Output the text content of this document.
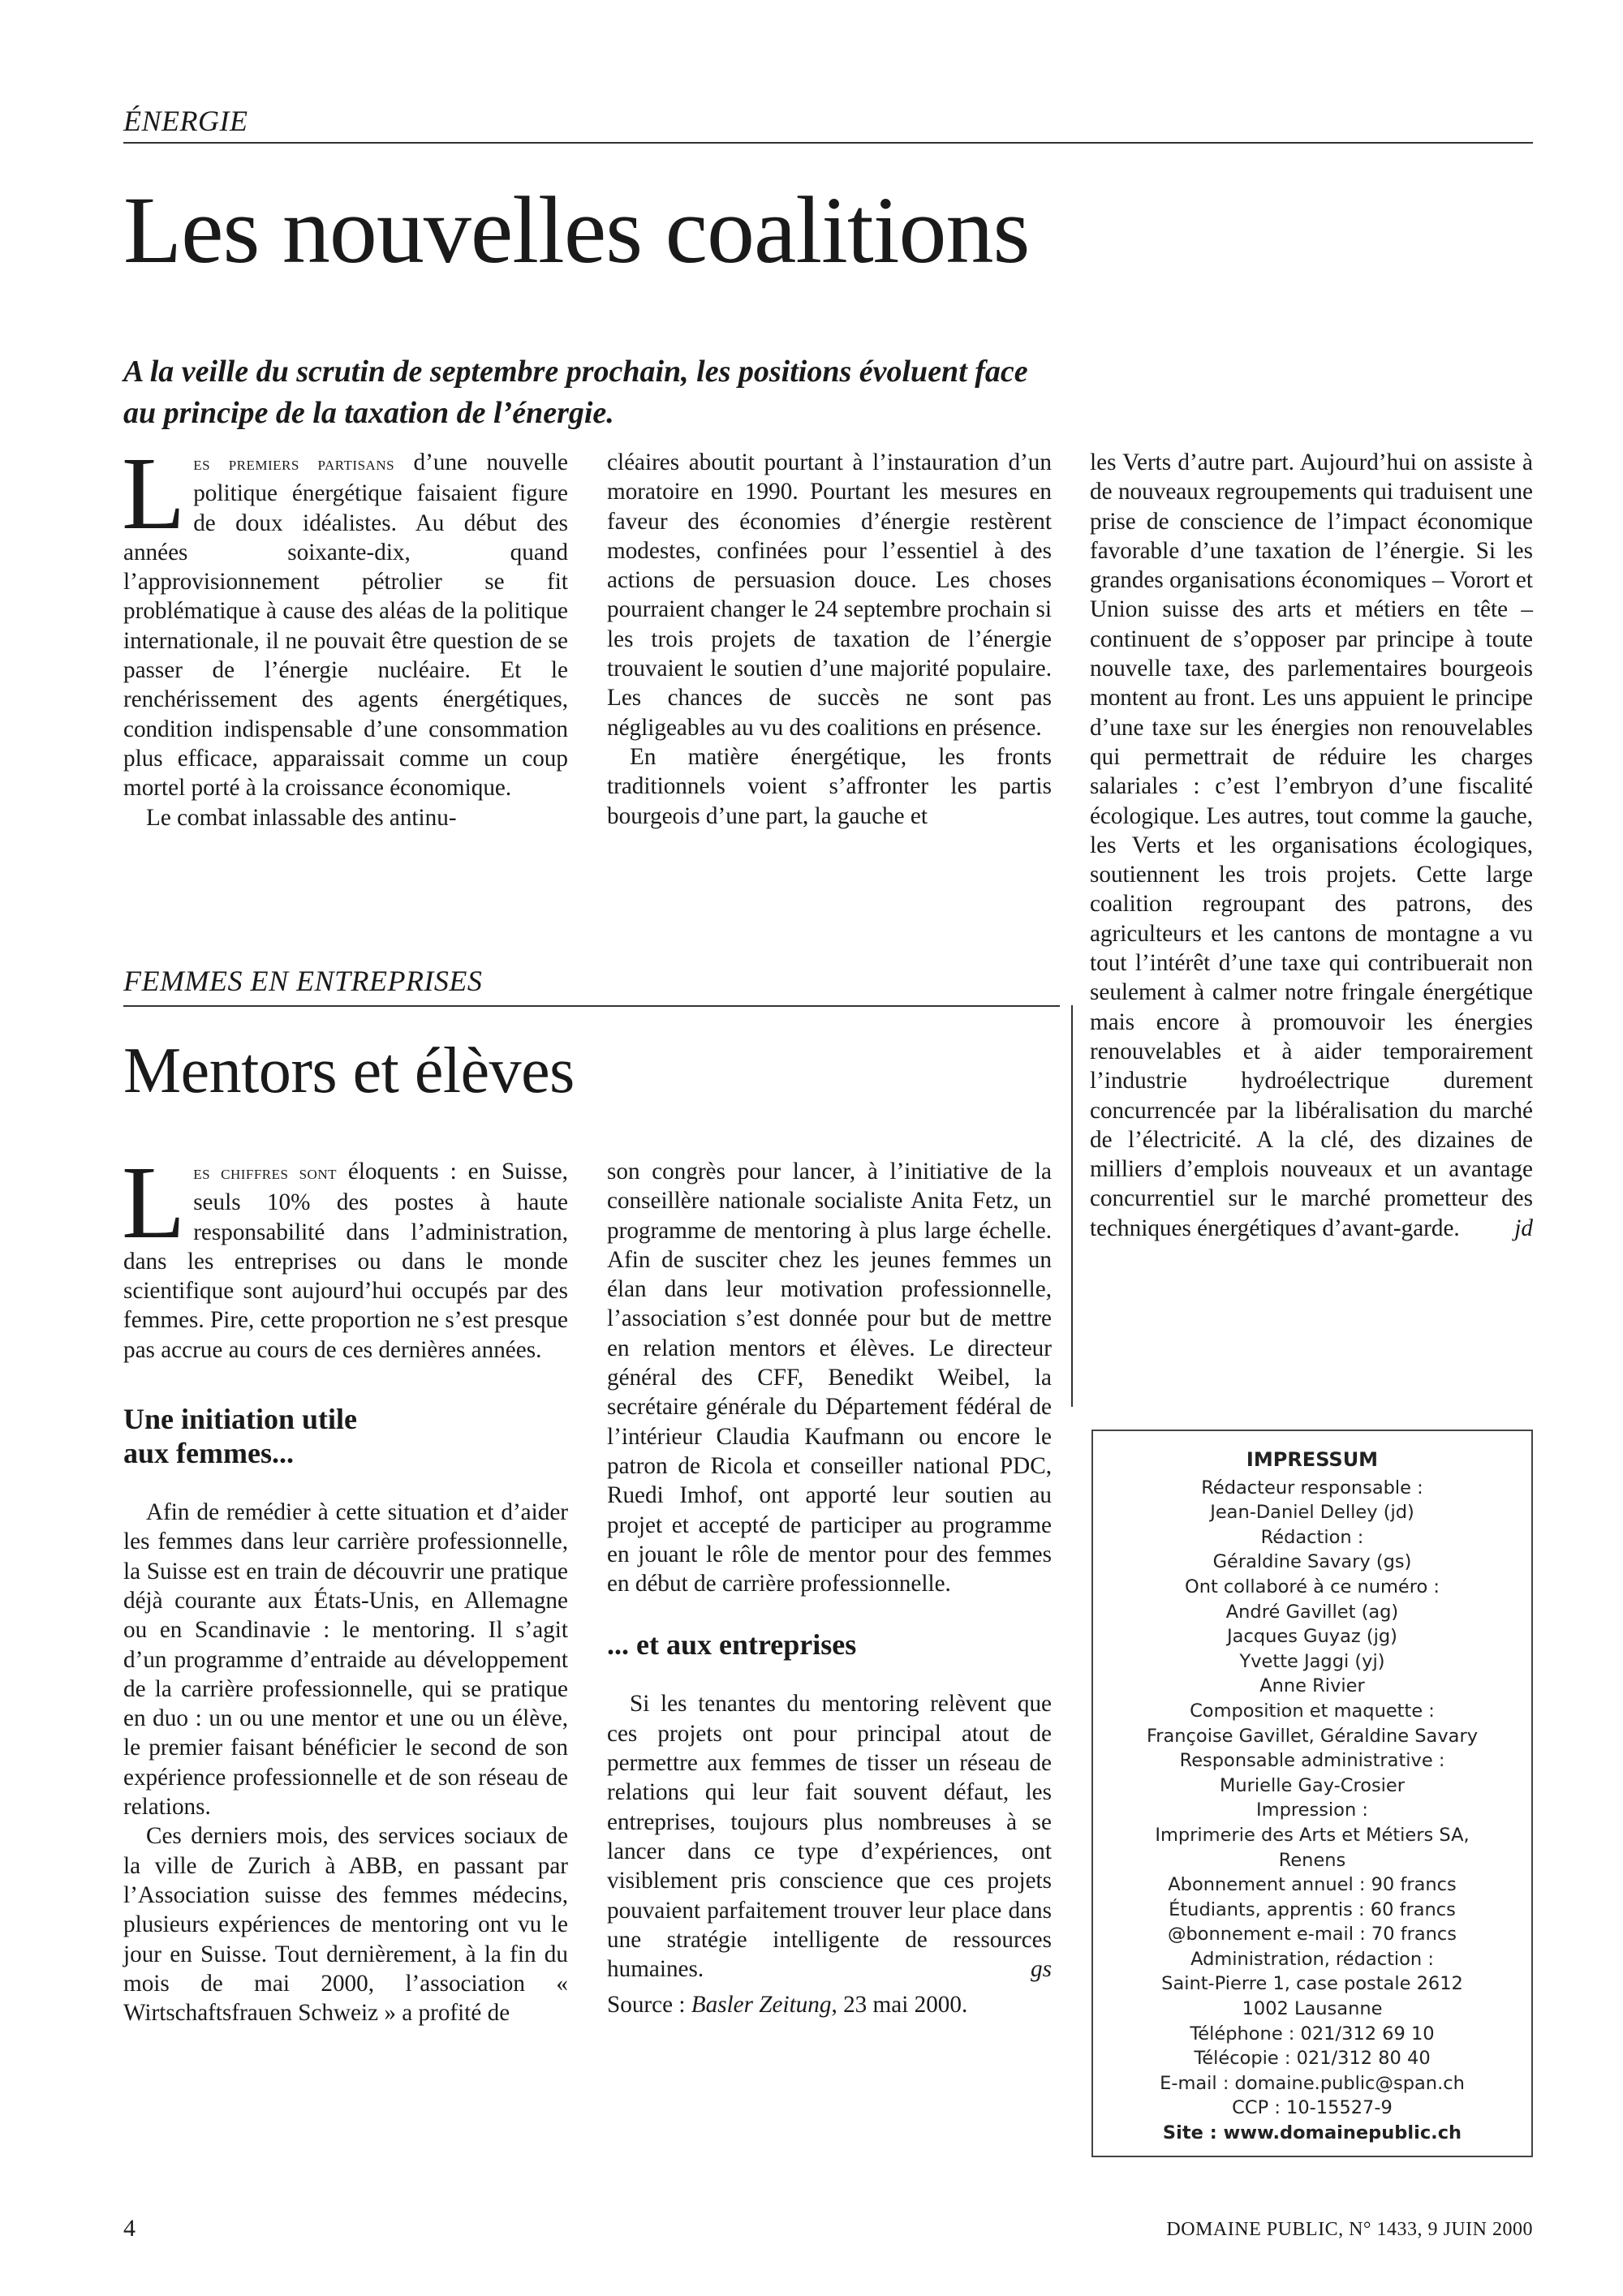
ÉNERGIE
Les nouvelles coalitions
A la veille du scrutin de septembre prochain, les positions évoluent face
au principe de la taxation de l’énergie.

Les premiers partisans d’une nouvelle politique énergétique faisaient figure de doux idéalistes. Au début des années soixante-dix, quand l’approvisionnement pétrolier se fit problématique à cause des aléas de la politique internationale, il ne pouvait être question de se passer de l’énergie nucléaire. Et le renchérissement des agents énergétiques, condition indispensable d’une consommation plus efficace, apparaissait comme un coup mortel porté à la croissance économique.

Le combat inlassable des antinu-

cléaires aboutit pourtant à l’instauration d’un moratoire en 1990. Pourtant les mesures en faveur des économies d’énergie restèrent modestes, confinées pour l’essentiel à des actions de persuasion douce. Les choses pourraient changer le 24 septembre prochain si les trois projets de taxation de l’énergie trouvaient le soutien d’une majorité populaire. Les chances de succès ne sont pas négligeables au vu des coalitions en présence.

En matière énergétique, les fronts traditionnels voient s’affronter les partis bourgeois d’une part, la gauche et

les Verts d’autre part. Aujourd’hui on assiste à de nouveaux regroupements qui traduisent une prise de conscience de l’impact économique favorable d’une taxation de l’énergie. Si les grandes organisations économiques – Vorort et Union suisse des arts et métiers en tête – continuent de s’opposer par principe à toute nouvelle taxe, des parlementaires bourgeois montent au front. Les uns appuient le principe d’une taxe sur les énergies non renouvelables qui permettrait de réduire les charges salariales : c’est l’embryon d’une fiscalité écologique. Les autres, tout comme la gauche, les Verts et les organisations écologiques, soutiennent les trois projets. Cette large coalition regroupant des patrons, des agriculteurs et les cantons de montagne a vu tout l’intérêt d’une taxe qui contribuerait non seulement à calmer notre fringale énergétique mais encore à promouvoir les énergies renouvelables et à aider temporairement l’industrie hydroélectrique durement concurrencée par la libéralisation du marché de l’électricité. A la clé, des dizaines de milliers d’emplois nouveaux et un avantage concurrentiel sur le marché prometteur des techniques énergétiques d’avant-garde. jd

FEMMES EN ENTREPRISES
Mentors et élèves

Les chiffres sont éloquents : en Suisse, seuls 10% des postes à haute responsabilité dans l’administration, dans les entreprises ou dans le monde scientifique sont aujourd’hui occupés par des femmes. Pire, cette proportion ne s’est presque pas accrue au cours de ces dernières années.

Une initiation utile
aux femmes...

Afin de remédier à cette situation et d’aider les femmes dans leur carrière professionnelle, la Suisse est en train de découvrir une pratique déjà courante aux États-Unis, en Allemagne ou en Scandinavie : le mentoring. Il s’agit d’un programme d’entraide au développement de la carrière professionnelle, qui se pratique en duo : un ou une mentor et une ou un élève, le premier faisant bénéficier le second de son expérience professionnelle et de son réseau de relations.

Ces derniers mois, des services sociaux de la ville de Zurich à ABB, en passant par l’Association suisse des femmes médecins, plusieurs expériences de mentoring ont vu le jour en Suisse. Tout dernièrement, à la fin du mois de mai 2000, l’association « Wirtschaftsfrauen Schweiz » a profité de

son congrès pour lancer, à l’initiative de la conseillère nationale socialiste Anita Fetz, un programme de mentoring à plus large échelle. Afin de susciter chez les jeunes femmes un élan dans leur motivation professionnelle, l’association s’est donnée pour but de mettre en relation mentors et élèves. Le directeur général des CFF, Benedikt Weibel, la secrétaire générale du Département fédéral de l’intérieur Claudia Kaufmann ou encore le patron de Ricola et conseiller national PDC, Ruedi Imhof, ont apporté leur soutien au projet et accepté de participer au programme en jouant le rôle de mentor pour des femmes en début de carrière professionnelle.

... et aux entreprises

Si les tenantes du mentoring relèvent que ces projets ont pour principal atout de permettre aux femmes de tisser un réseau de relations qui leur fait souvent défaut, les entreprises, toujours plus nombreuses à se lancer dans ce type d’expériences, ont visiblement pris conscience que ces projets pouvaient parfaitement trouver leur place dans une stratégie intelligente de ressources humaines.	gs

Source : Basler Zeitung, 23 mai 2000.

IMPRESSUM
Rédacteur responsable :
Jean-Daniel Delley (jd)
Rédaction :
Géraldine Savary (gs)
Ont collaboré à ce numéro :
André Gavillet (ag)
Jacques Guyaz (jg)
Yvette Jaggi (yj)
Anne Rivier
Composition et maquette :
Françoise Gavillet, Géraldine Savary
Responsable administrative :
Murielle Gay-Crosier
Impression :
Imprimerie des Arts et Métiers SA,
Renens
Abonnement annuel : 90 francs
Étudiants, apprentis : 60 francs
@bonnement e-mail : 70 francs
Administration, rédaction :
Saint-Pierre 1, case postale 2612
1002 Lausanne
Téléphone : 021/312 69 10
Télécopie : 021/312 80 40
E-mail : domaine.public@span.ch
CCP : 10-15527-9
Site : www.domainepublic.ch
4	DOMAINE PUBLIC, N° 1433, 9 JUIN 2000
